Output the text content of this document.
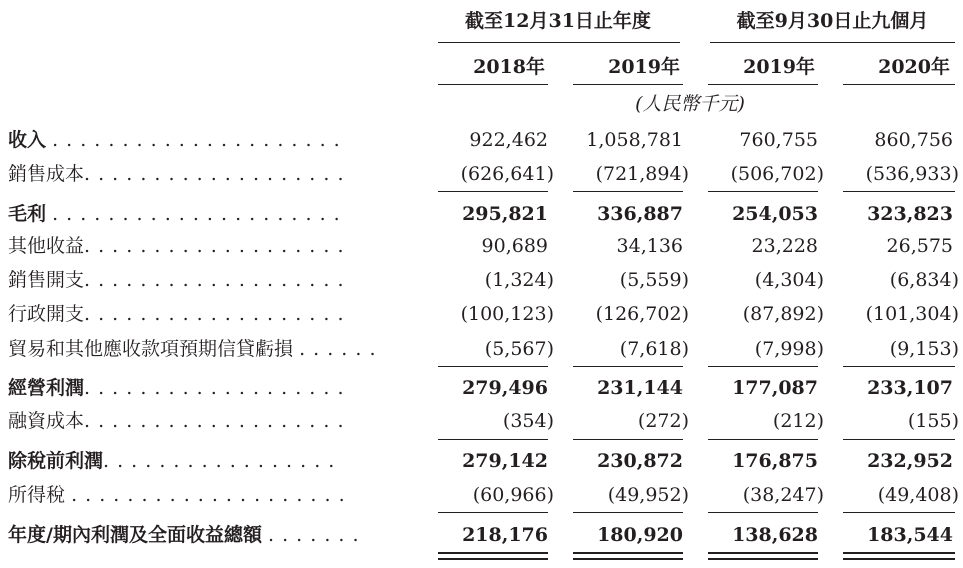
截至12月31日止年度	截至9月30日止九個月
2018年	2019年	2019年	2020年
(人民幣千元)
收入 . . . . . . . . . . . . . . . . . . . . .	922,462	1,058,781	760,755	860,756
銷售成本. . . . . . . . . . . . . . . . . . .	(626,641)	(721,894)	(506,702)	(536,933)
毛利 . . . . . . . . . . . . . . . . . . . . .	295,821	336,887	254,053	323,823
其他收益. . . . . . . . . . . . . . . . . . .	90,689	34,136	23,228	26,575
銷售開支. . . . . . . . . . . . . . . . . . .	(1,324)	(5,559)	(4,304)	(6,834)
行政開支. . . . . . . . . . . . . . . . . . .	(100,123)	(126,702)	(87,892)	(101,304)
貿易和其他應收款項預期信貸虧損 . . . . . .	(5,567)	(7,618)	(7,998)	(9,153)
經營利潤. . . . . . . . . . . . . . . . . . .	279,496	231,144	177,087	233,107
融資成本. . . . . . . . . . . . . . . . . . .	(354)	(272)	(212)	(155)
除稅前利潤. . . . . . . . . . . . . . . . .	279,142	230,872	176,875	232,952
所得稅 . . . . . . . . . . . . . . . . . . . .	(60,966)	(49,952)	(38,247)	(49,408)
年度/期內利潤及全面收益總額 . . . . . . .	218,176	180,920	138,628	183,544
